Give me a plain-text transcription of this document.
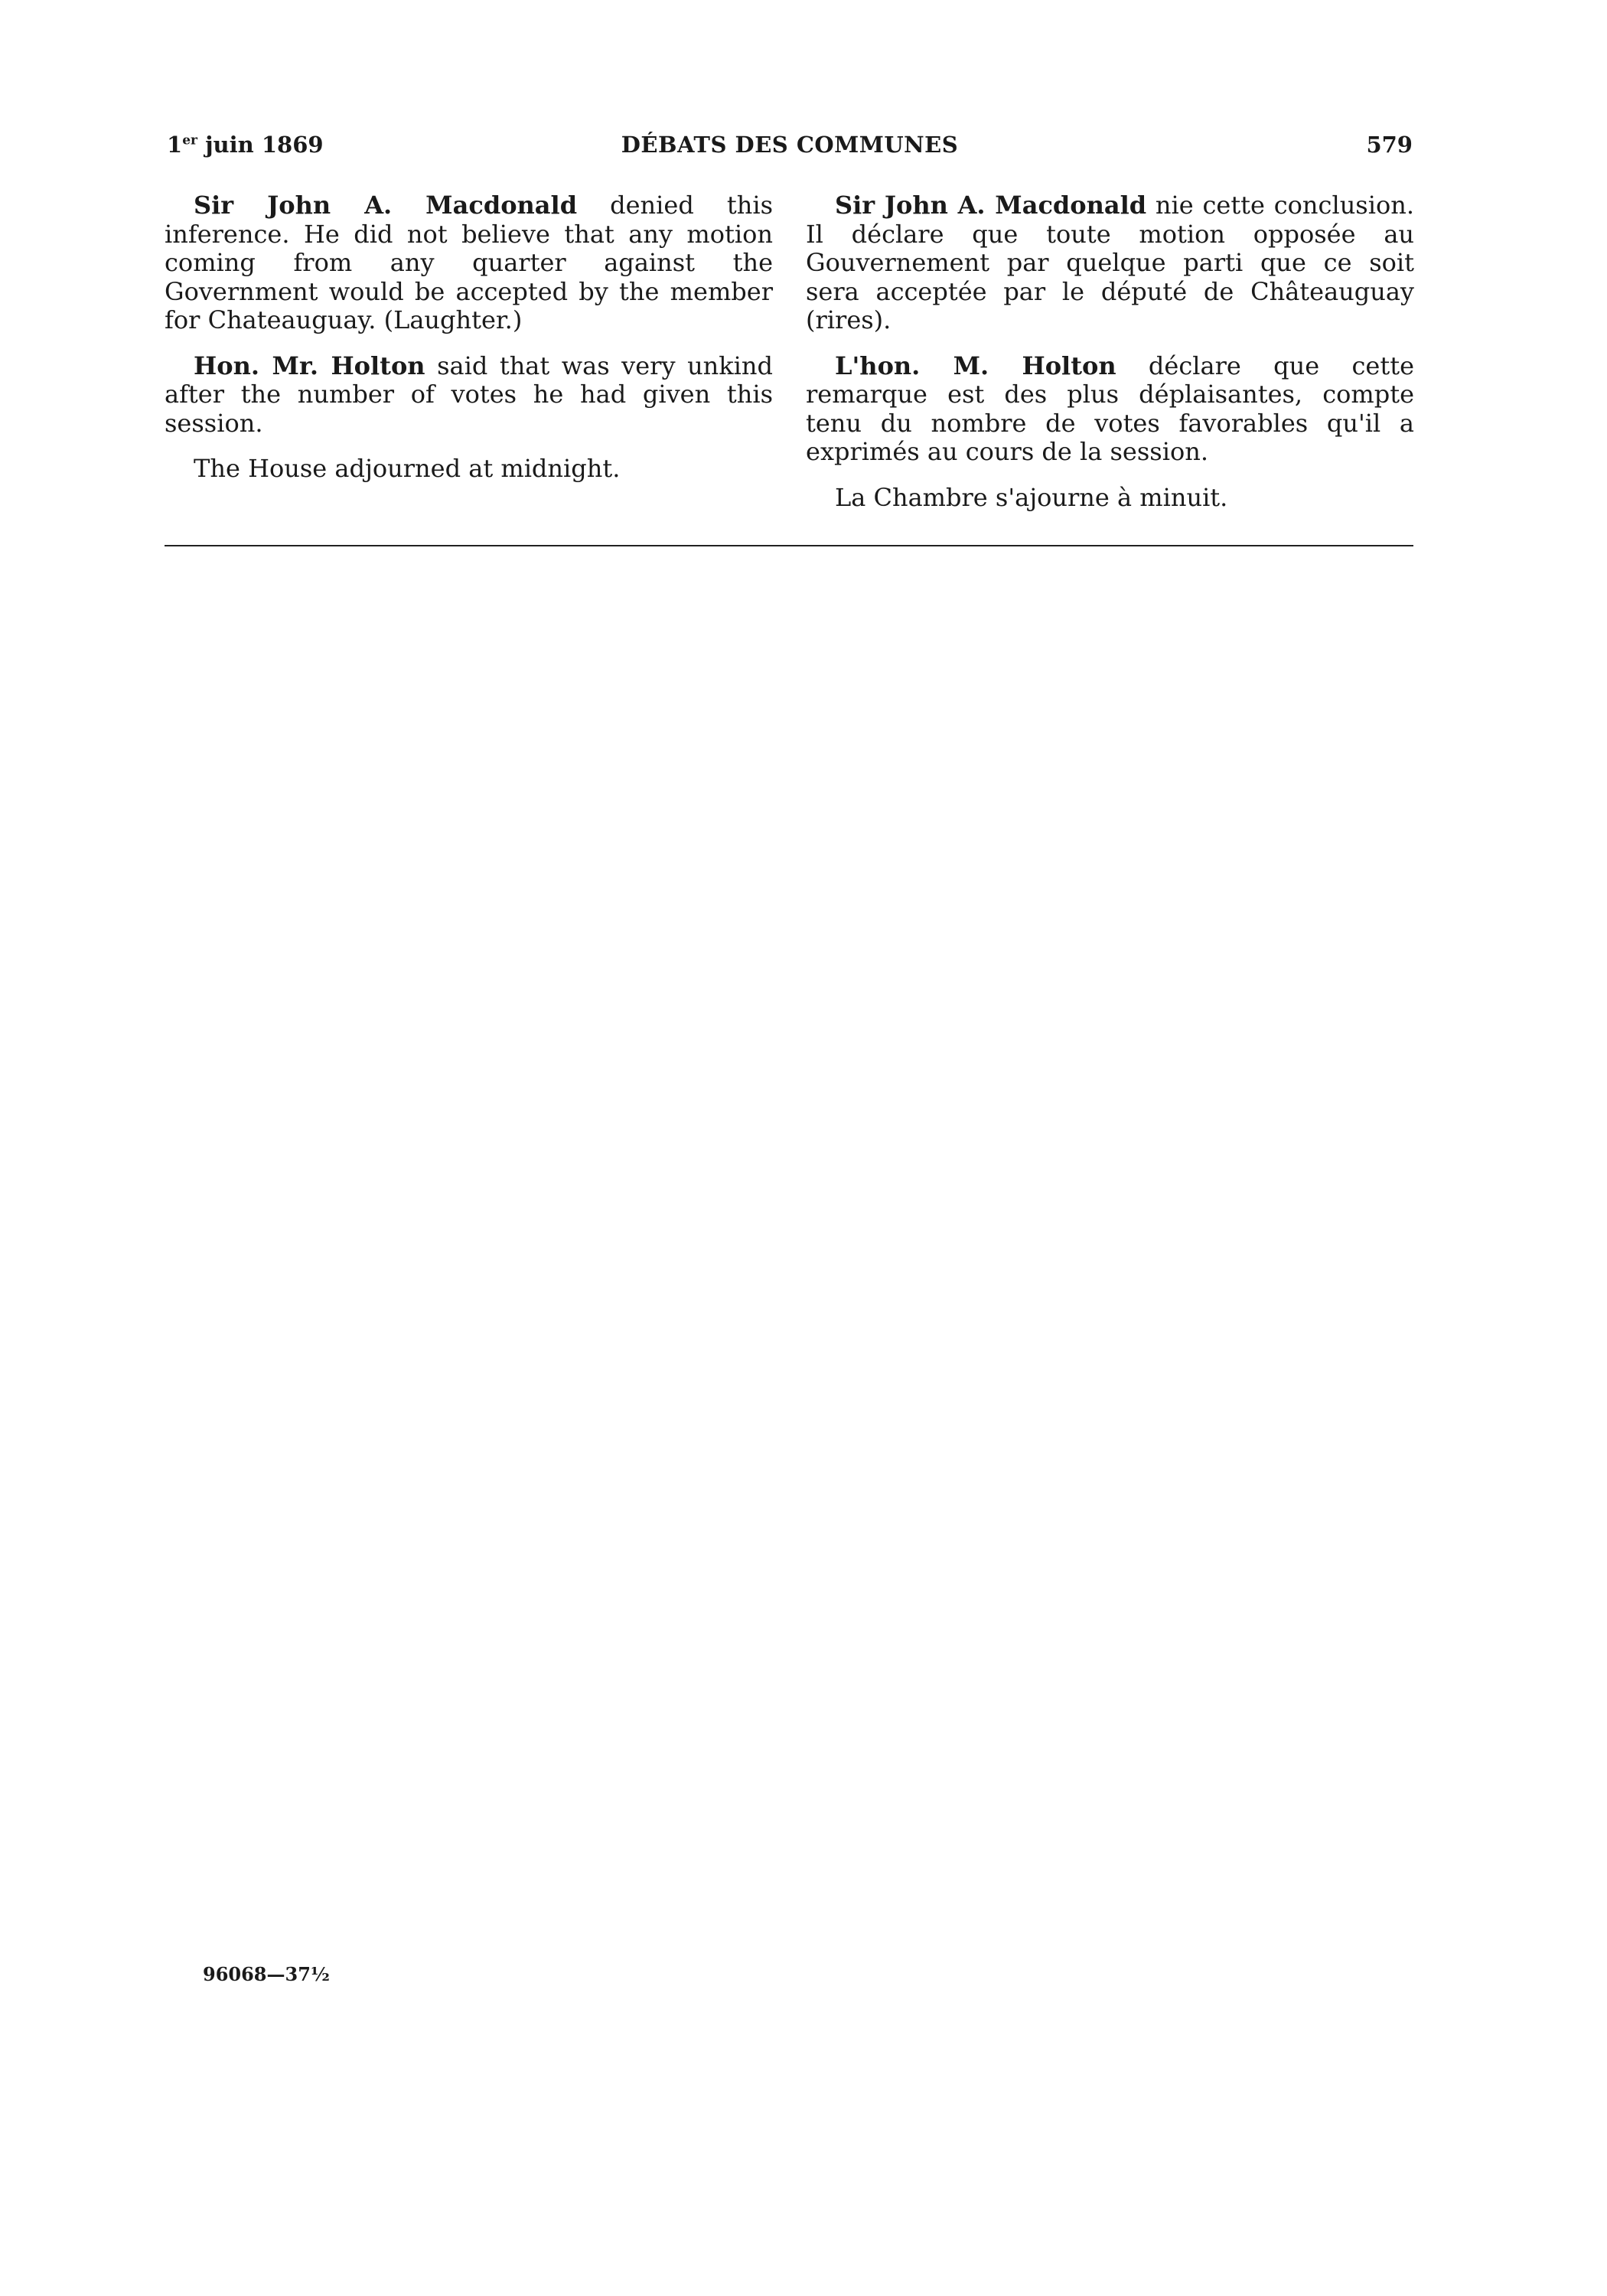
1er juin 1869	DÉBATS DES COMMUNES	579

Sir John A. Macdonald denied this inference. He did not believe that any motion coming from any quarter against the Government would be accepted by the member for Chateauguay. (Laughter.)

Hon. Mr. Holton said that was very unkind after the number of votes he had given this session.

The House adjourned at midnight.

Sir John A. Macdonald nie cette conclusion. Il déclare que toute motion opposée au Gouvernement par quelque parti que ce soit sera acceptée par le député de Châteauguay (rires).

L'hon. M. Holton déclare que cette remarque est des plus déplaisantes, compte tenu du nombre de votes favorables qu'il a exprimés au cours de la session.

La Chambre s'ajourne à minuit.

96068—37½
